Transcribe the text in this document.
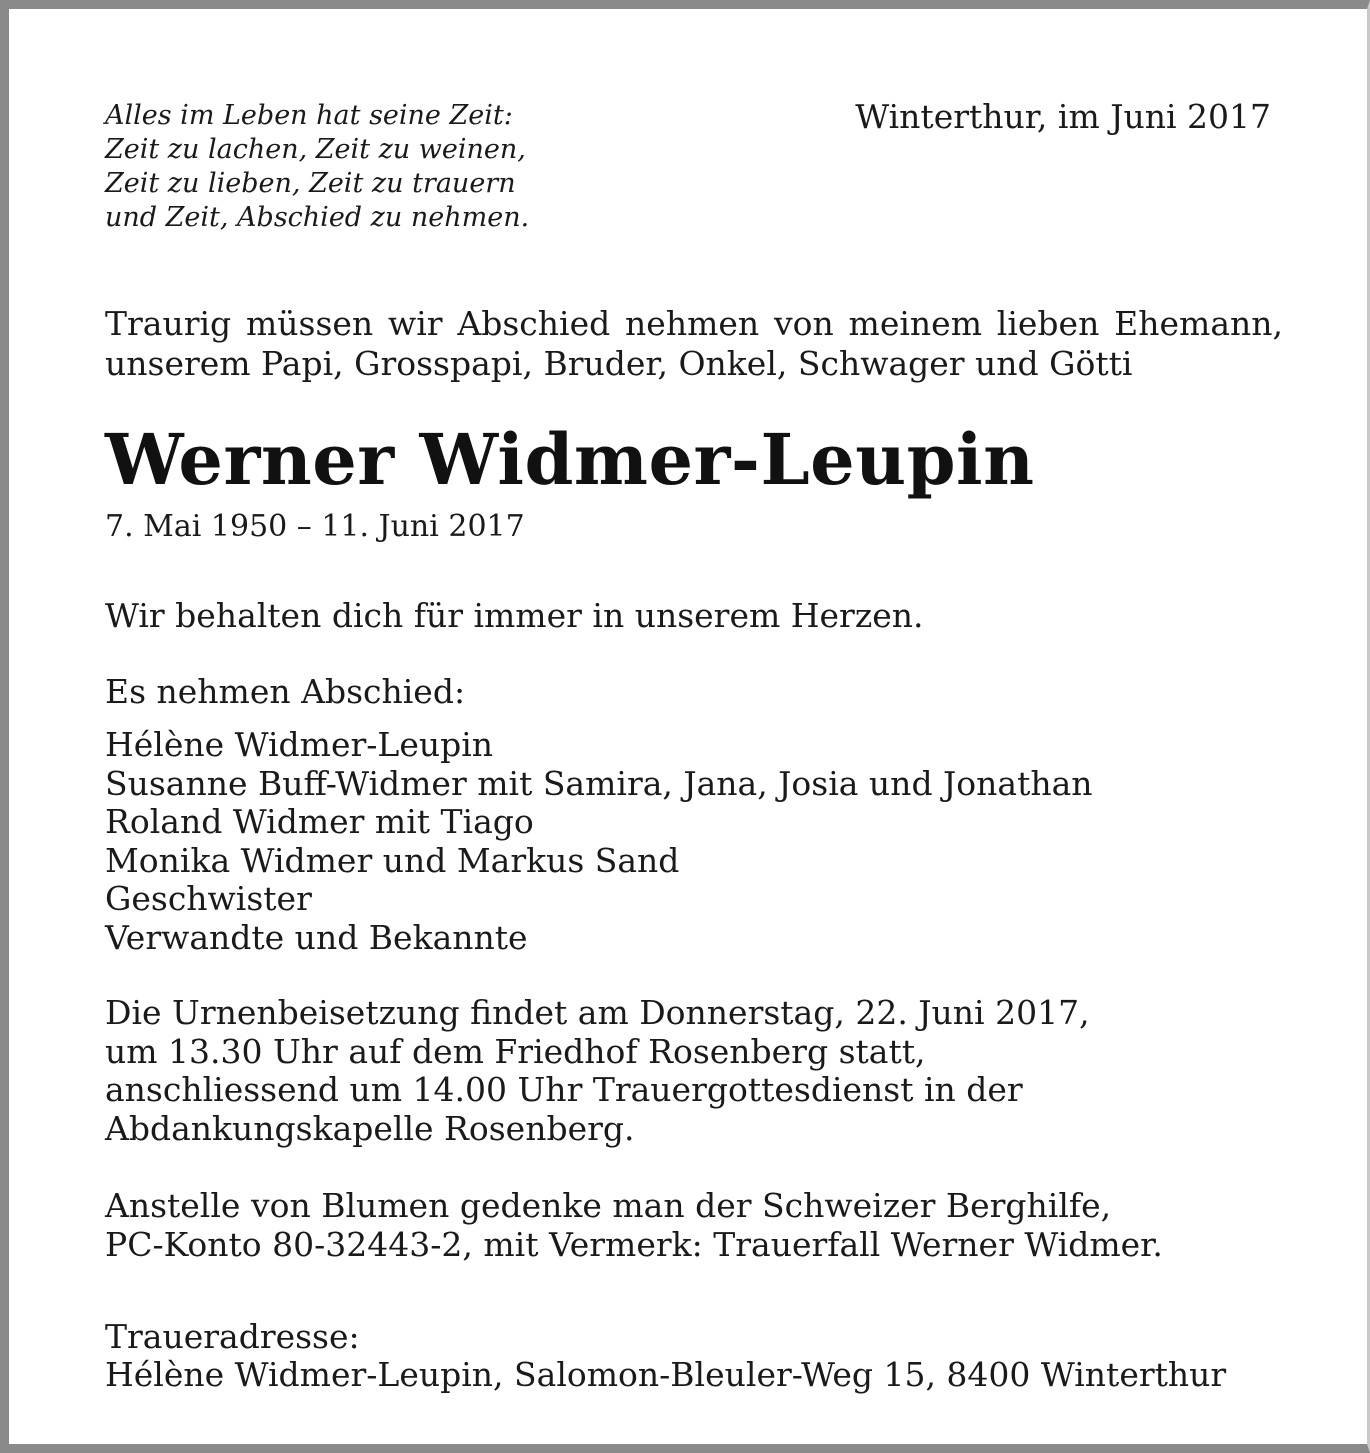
Alles im Leben hat seine Zeit:
Zeit zu lachen, Zeit zu weinen,
Zeit zu lieben, Zeit zu trauern
und Zeit, Abschied zu nehmen.
Winterthur, im Juni 2017
Traurig müssen wir Abschied nehmen von meinem lieben Ehemann,
unserem Papi, Grosspapi, Bruder, Onkel, Schwager und Götti
Werner Widmer-Leupin
7. Mai 1950 – 11. Juni 2017
Wir behalten dich für immer in unserem Herzen.
Es nehmen Abschied:
Hélène Widmer-Leupin
Susanne Buff-Widmer mit Samira, Jana, Josia und Jonathan
Roland Widmer mit Tiago
Monika Widmer und Markus Sand
Geschwister
Verwandte und Bekannte
Die Urnenbeisetzung findet am Donnerstag, 22. Juni 2017,
um 13.30 Uhr auf dem Friedhof Rosenberg statt,
anschliessend um 14.00 Uhr Trauergottesdienst in der
Abdankungskapelle Rosenberg.
Anstelle von Blumen gedenke man der Schweizer Berghilfe,
PC-Konto 80-32443-2, mit Vermerk: Trauerfall Werner Widmer.
Traueradresse:
Hélène Widmer-Leupin, Salomon-Bleuler-Weg 15, 8400 Winterthur
